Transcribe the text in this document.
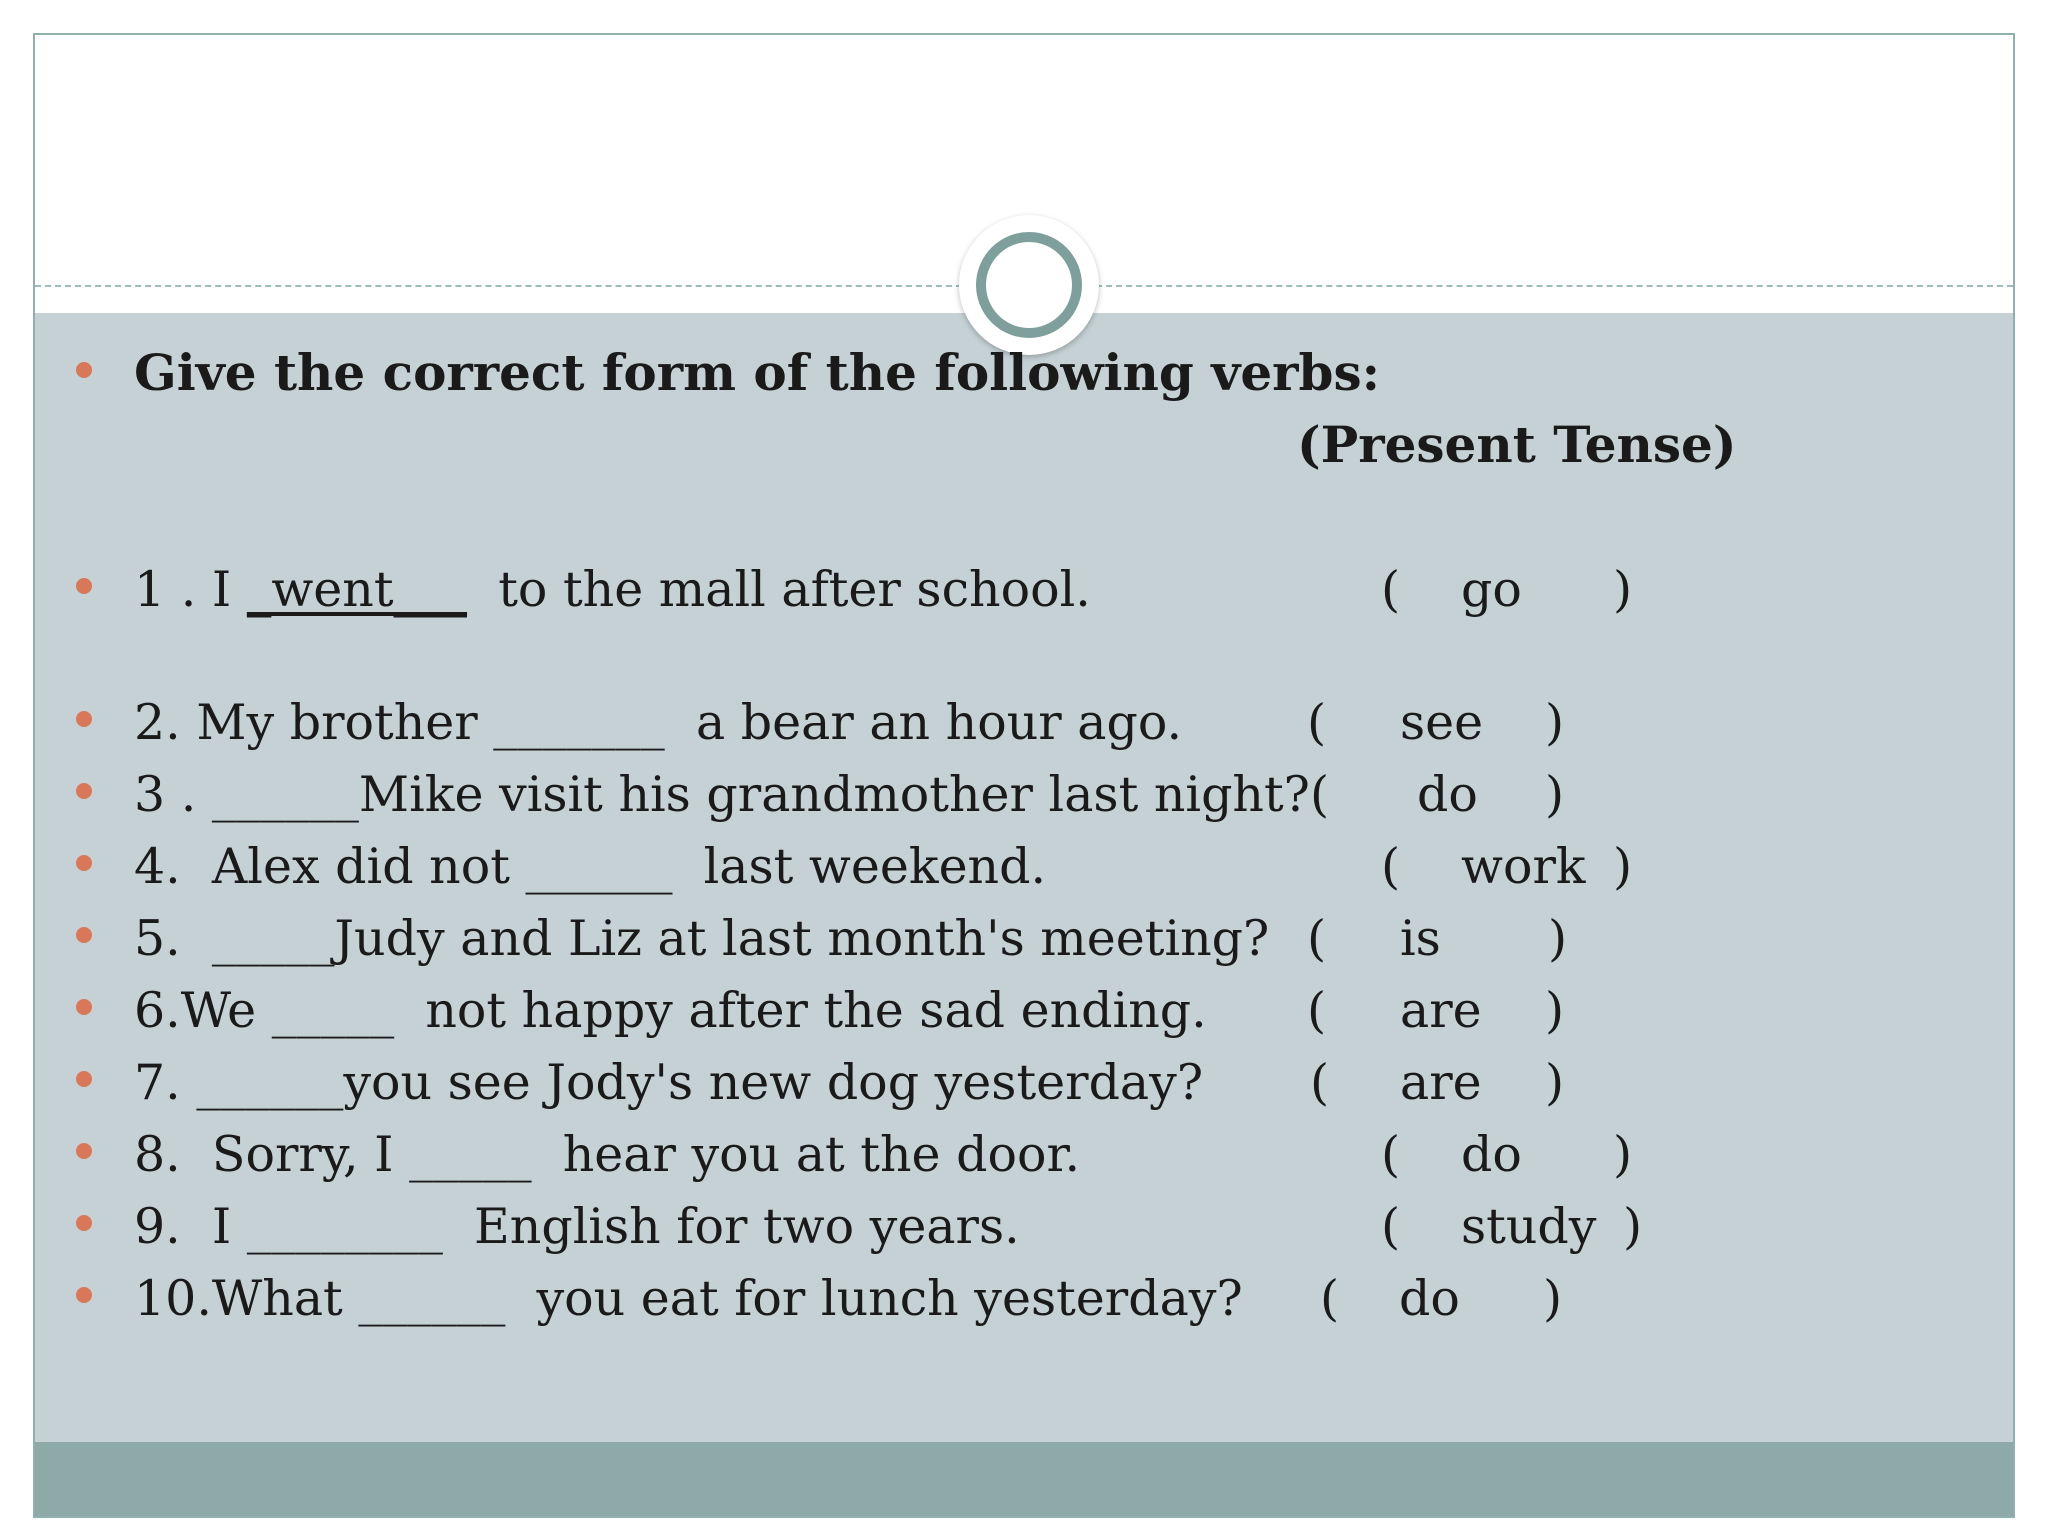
Give the correct form of the following verbs:
(Present Tense)
1 . I _went___  to the mall after school.	( go )
2. My brother _______  a bear an hour ago.	( see )
3 . ______Mike visit his grandmother last night? ( do )
4.  Alex did not ______  last weekend.	( work )
5.  _____Judy and Liz at last month's meeting? ( is )
6.We _____  not happy after the sad ending. ( are )
7. ______you see Jody's new dog yesterday? ( are )
8.  Sorry, I _____  hear you at the door.	( do )
9.  I ________  English for two years.	( study )
10.What ______  you eat for lunch yesterday? ( do )
